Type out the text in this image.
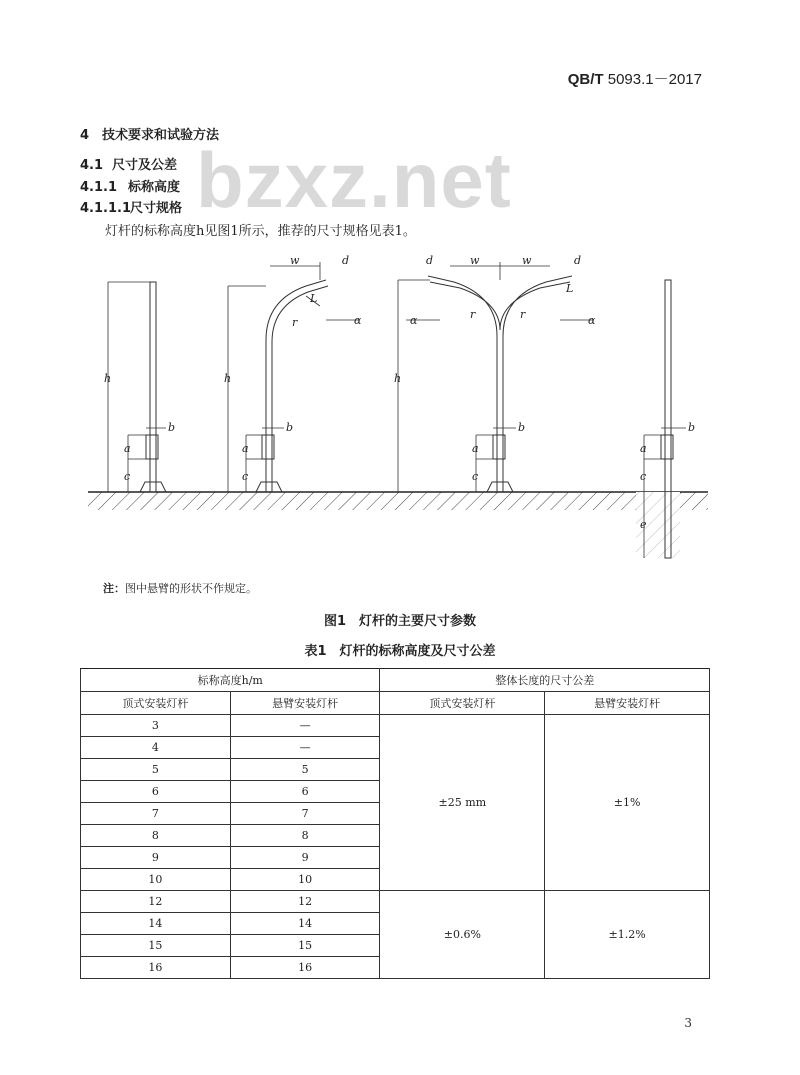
QB/T 5093.1－2017
bzxz.net
4 技术要求和试验方法
4.1 尺寸及公差
4.1.1 标称高度
4.1.1.1尺寸规格
灯杆的标称高度h见图1所示，推荐的尺寸规格见表1。
h
a
c
b
h
a
c
b
w	d
L
r	α
h
a
c
b
w	w
d	d
L
r	r
α	α
a
c
b
e
注：图中悬臂的形状不作规定。
图1　灯杆的主要尺寸参数
表1　灯杆的标称高度及尺寸公差
标称高度h/m		整体长度的尺寸公差	
顶式安装灯杆	悬臂安装灯杆	顶式安装灯杆	悬臂安装灯杆
3	—	±25 mm	±1%
4	—		
5	5		
6	6		
7	7		
8	8		
9	9		
10	10		
12	12	±0.6%	±1.2%
14	14		
15	15		
16	16		
3
